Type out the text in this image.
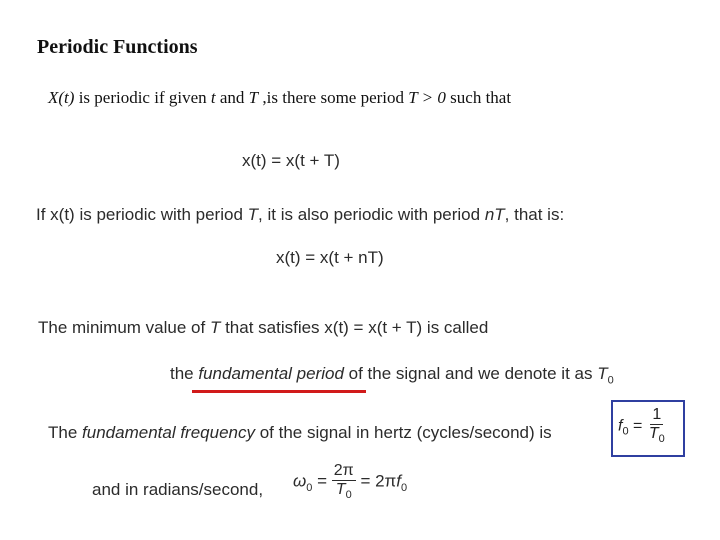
Periodic Functions
X(t) is periodic if given t and T ,is there some period T > 0 such that
x(t) = x(t + T)
If x(t) is periodic with period T, it is also periodic with period nT, that is:
x(t) = x(t + nT)
The minimum value of T that satisfies x(t) = x(t + T) is called
the fundamental period of the signal and we denote it as $T_0$
The fundamental frequency of the signal in hertz (cycles/second) is	$f_0 = \frac{1}{T_0}$
and in radians/second, $\omega_0 = \frac{2\pi}{T_0} = 2\pi f_0$
